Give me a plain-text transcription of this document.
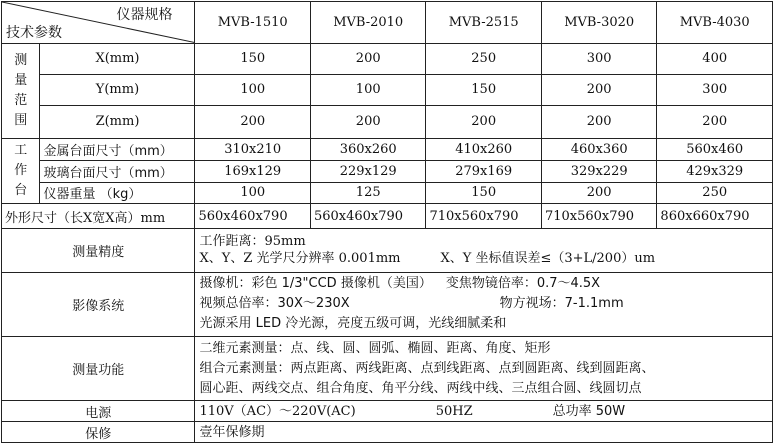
仪器规格
技术参数		MVB-1510	MVB-2010	MVB-2515	MVB-3020	MVB-4030

测
量
范
围	X(mm)	150	200	250	300	400
	Y(mm)	100	100	150	200	300
	Z(mm)	200	200	200	200	200

工
作
台	金属台面尺寸（mm）	310x210	360x260	410x260	460x360	560x460
	玻璃台面尺寸（mm）	169x129	229x129	279x169	329x229	429x329
	仪器重量 （kg）	100	125	150	200	250
外形尺寸（长X宽X高）mm		560x460x790	560x460x790	710x560x790	710x560x790	860x660x790
测量精度		工作距离：95mm
X、Y、Z 光学尺分辨率 0.001mm X、Y 坐标值误差≤（3+L/200）um				

影像系统		摄像机：彩色 1/3"CCD 摄像机（美国） 变焦物镜倍率：0.7～4.5X
视频总倍率：30X～230X 物方视场：7-1.1mm
光源采用 LED 冷光源，亮度五级可调，光线细腻柔和				

测量功能		二维元素测量：点、线、圆、圆弧、椭圆、距离、角度、矩形
组合元素测量：两点距离、两线距离、点到线距离、点到圆距离、线到圆距离、
圆心距、两线交点、组合角度、角平分线、两线中线、三点组合圆、线圆切点				

电源		110V（AC）～220V(AC) 50HZ 总功率 50W				
保修		壹年保修期				
